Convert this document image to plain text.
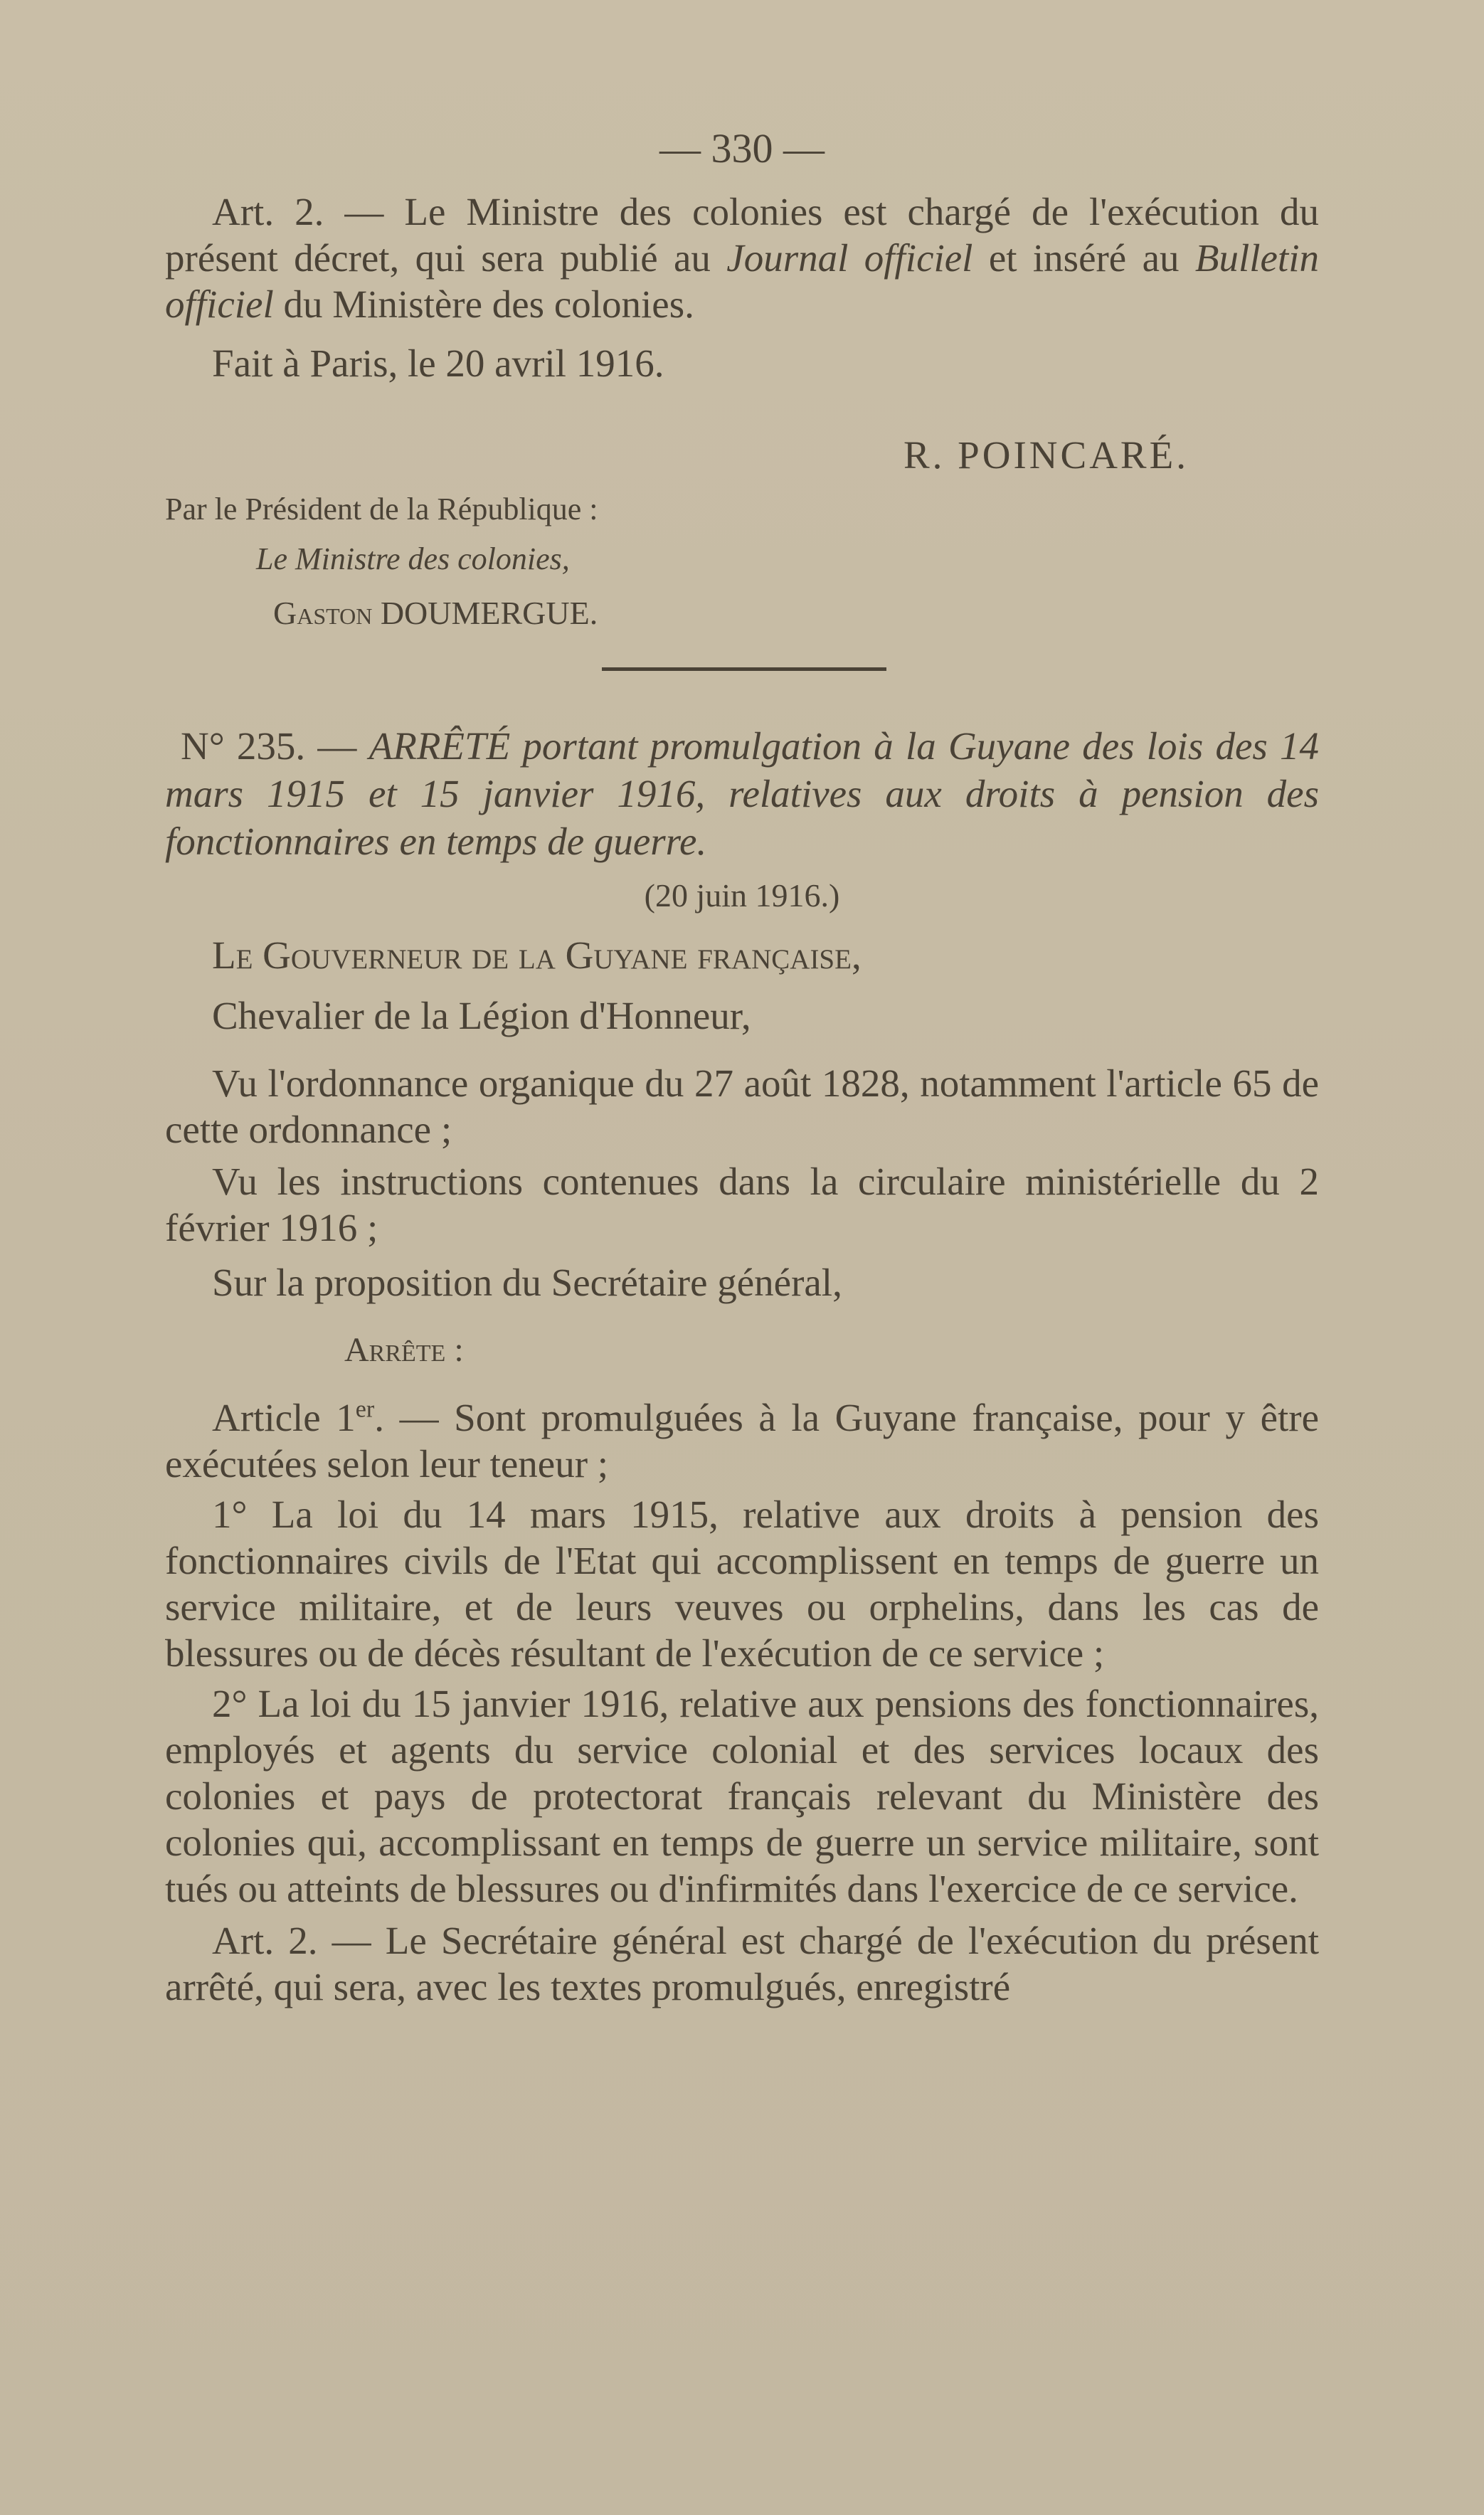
— 330 —

Art. 2. — Le Ministre des colonies est chargé de l'exécution du présent décret, qui sera publié au Journal officiel et inséré au Bulletin officiel du Ministère des colonies.

Fait à Paris, le 20 avril 1916.

R. POINCARÉ.
Par le Président de la République :
Le Ministre des colonies,
Gaston DOUMERGUE.

N° 235. — ARRÊTÉ portant promulgation à la Guyane des lois des 14 mars 1915 et 15 janvier 1916, relatives aux droits à pension des fonctionnaires en temps de guerre.

(20 juin 1916.)

Le Gouverneur de la Guyane française,

Chevalier de la Légion d'Honneur,

Vu l'ordonnance organique du 27 août 1828, notamment l'article 65 de cette ordonnance ;

Vu les instructions contenues dans la circulaire ministérielle du 2 février 1916 ;

Sur la proposition du Secrétaire général,

Arrête :

Article 1er. — Sont promulguées à la Guyane française, pour y être exécutées selon leur teneur ;

1° La loi du 14 mars 1915, relative aux droits à pension des fonctionnaires civils de l'Etat qui accomplissent en temps de guerre un service militaire, et de leurs veuves ou orphelins, dans les cas de blessures ou de décès résultant de l'exécution de ce service ;

2° La loi du 15 janvier 1916, relative aux pensions des fonctionnaires, employés et agents du service colonial et des services locaux des colonies et pays de protectorat français relevant du Ministère des colonies qui, accomplissant en temps de guerre un service militaire, sont tués ou atteints de blessures ou d'infirmités dans l'exercice de ce service.

Art. 2. — Le Secrétaire général est chargé de l'exécution du présent arrêté, qui sera, avec les textes promulgués, enregistré
